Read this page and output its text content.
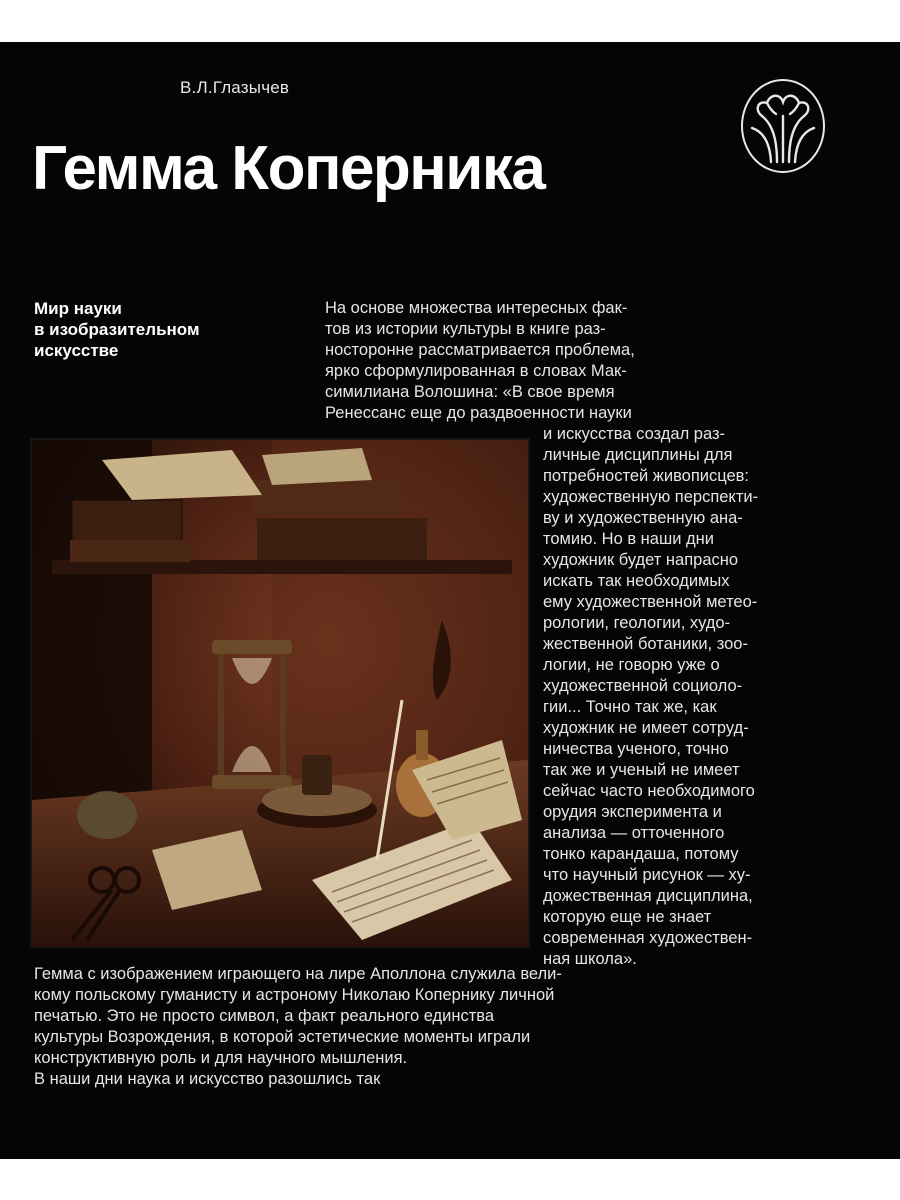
В.Л.Глазычев
Гемма Коперника
Мир науки
в изобразительном
искусстве
На основе множества интересных фак-
тов из истории культуры в книге раз-
носторонне рассматривается проблема,
ярко сформулированная в словах Мак-
симилиана Волошина: «В свое время
Ренессанс еще до раздвоенности науки
и искусства создал раз-
личные дисциплины для
потребностей живописцев:
художественную перспекти-
ву и художественную ана-
томию. Но в наши дни
художник будет напрасно
искать так необходимых
ему художественной метео-
рологии, геологии, худо-
жественной ботаники, зоо-
логии, не говорю уже о
художественной социоло-
гии... Точно так же, как
художник не имеет сотруд-
ничества ученого, точно
так же и ученый не имеет
сейчас часто необходимого
орудия эксперимента и
анализа — отточенного
тонко карандаша, потому
что научный рисунок — ху-
дожественная дисциплина,
которую еще не знает
современная художествен-
ная школа».
Гемма с изображением играющего на лире Аполлона служила вели-
кому польскому гуманисту и астроному Николаю Копернику личной
печатью. Это не просто символ, а факт реального единства
культуры Возрождения, в которой эстетические моменты играли
конструктивную роль и для научного мышления.
В наши дни наука и искусство разошлись так
